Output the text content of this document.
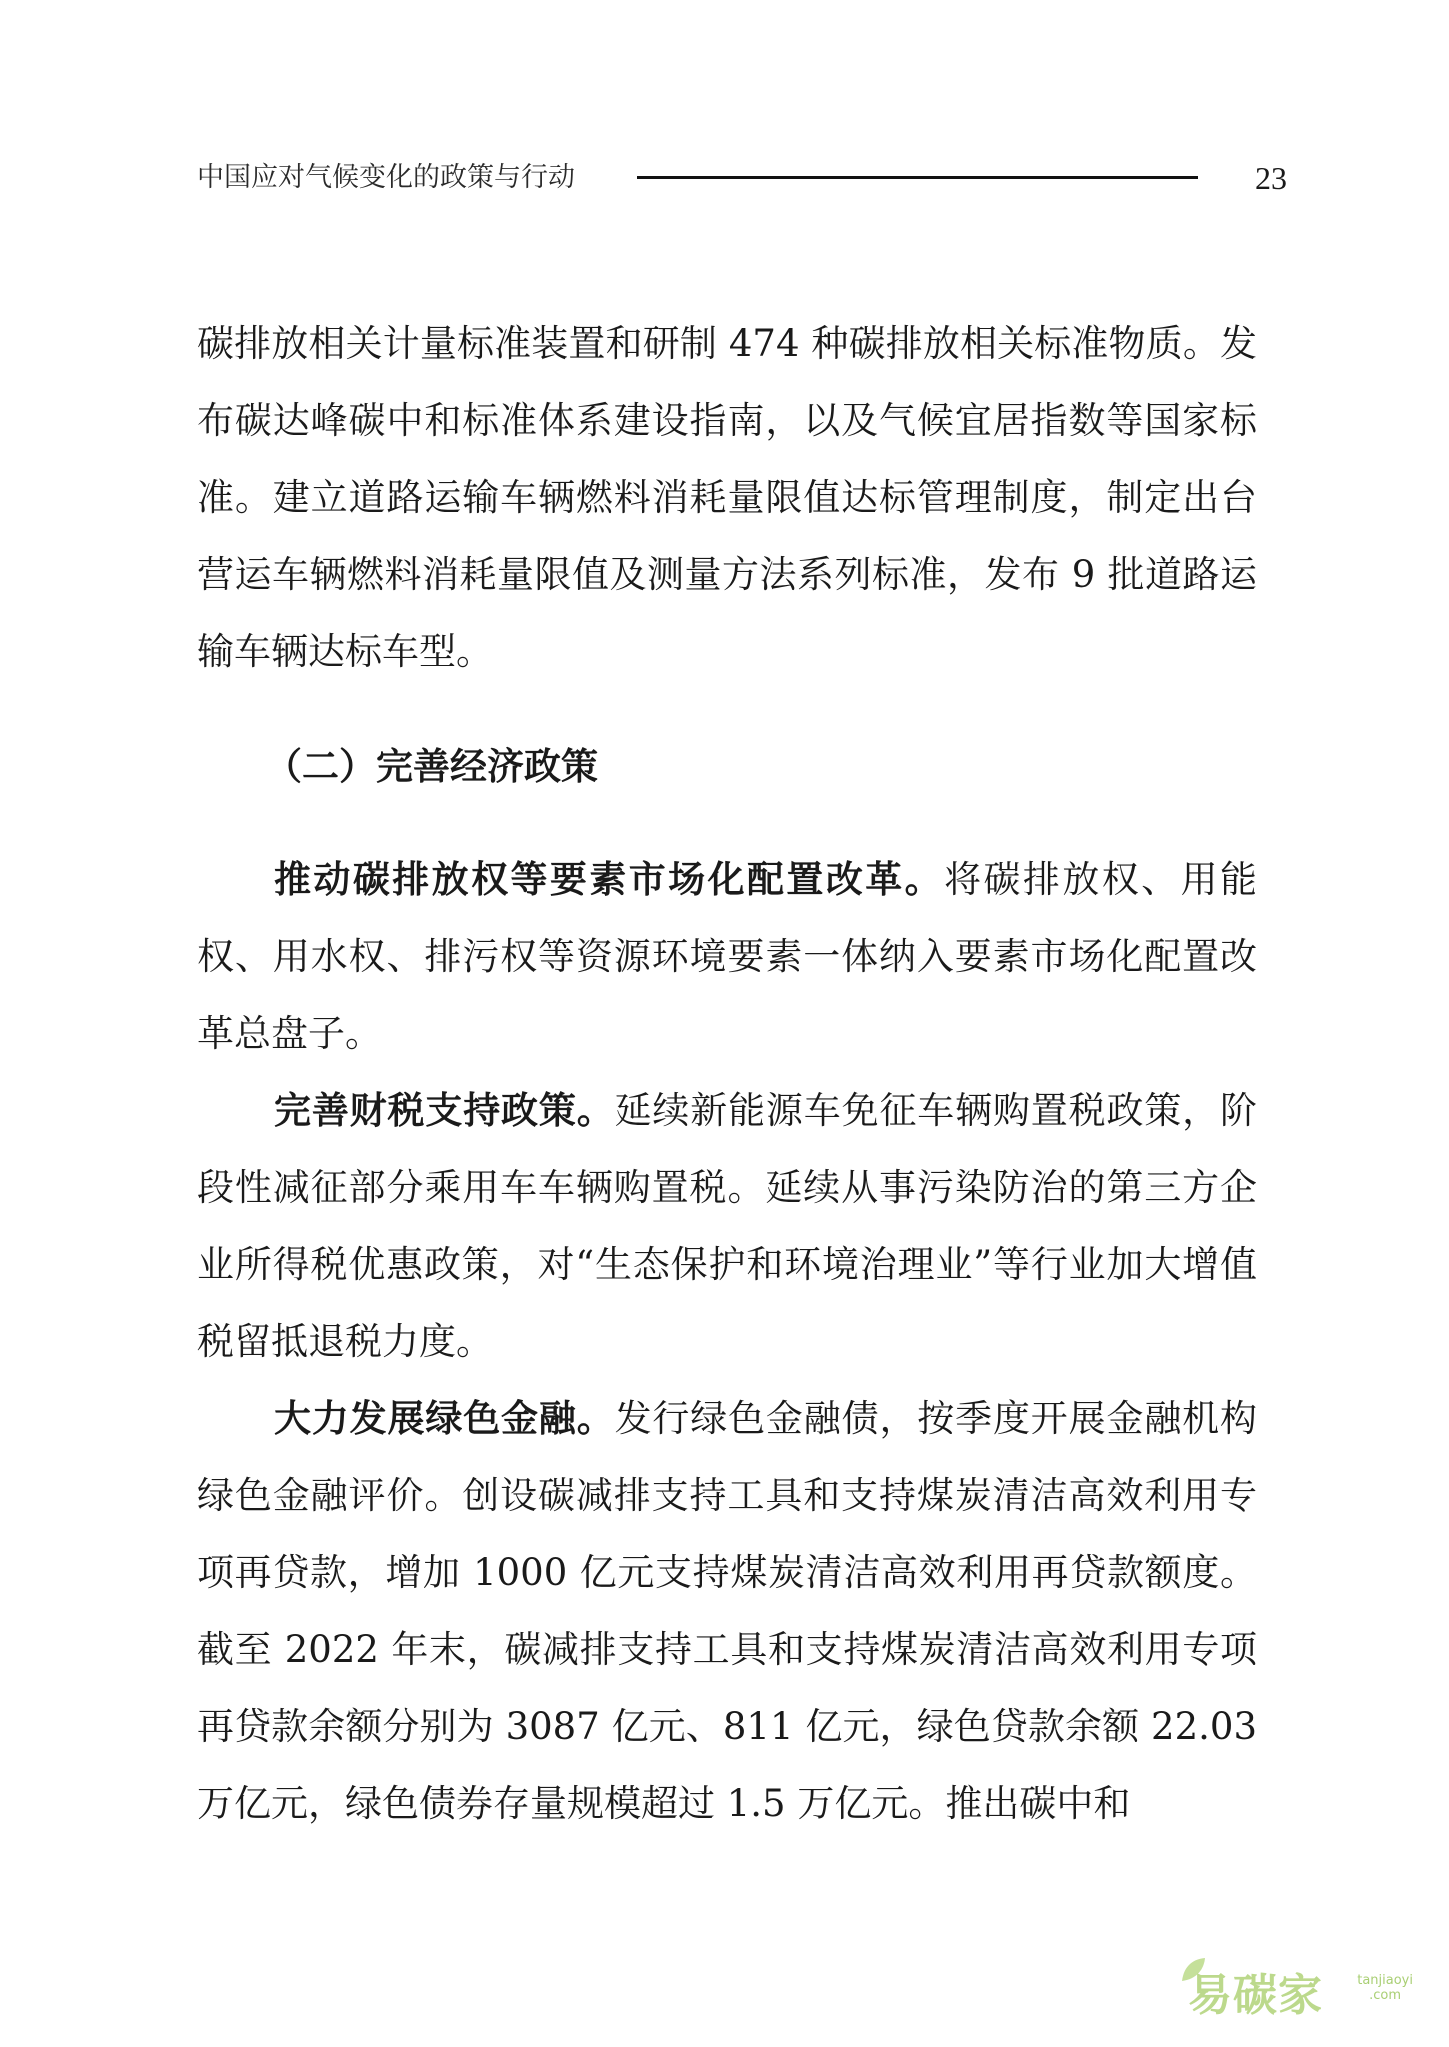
中国应对气候变化的政策与行动	23

碳排放相关计量标准装置和研制 474 种碳排放相关标准物质。发布碳达峰碳中和标准体系建设指南，以及气候宜居指数等国家标准。建立道路运输车辆燃料消耗量限值达标管理制度，制定出台营运车辆燃料消耗量限值及测量方法系列标准，发布 9 批道路运输车辆达标车型。

（二）完善经济政策

推动碳排放权等要素市场化配置改革。将碳排放权、用能权、用水权、排污权等资源环境要素一体纳入要素市场化配置改革总盘子。

完善财税支持政策。延续新能源车免征车辆购置税政策，阶段性减征部分乘用车车辆购置税。延续从事污染防治的第三方企业所得税优惠政策，对“生态保护和环境治理业”等行业加大增值税留抵退税力度。

大力发展绿色金融。发行绿色金融债，按季度开展金融机构绿色金融评价。创设碳减排支持工具和支持煤炭清洁高效利用专项再贷款，增加 1000 亿元支持煤炭清洁高效利用再贷款额度。截至 2022 年末，碳减排支持工具和支持煤炭清洁高效利用专项再贷款余额分别为 3087 亿元、811 亿元，绿色贷款余额 22.03 万亿元，绿色债券存量规模超过 1.5 万亿元。推出碳中和

易碳家	tanjiaoyi
.com
